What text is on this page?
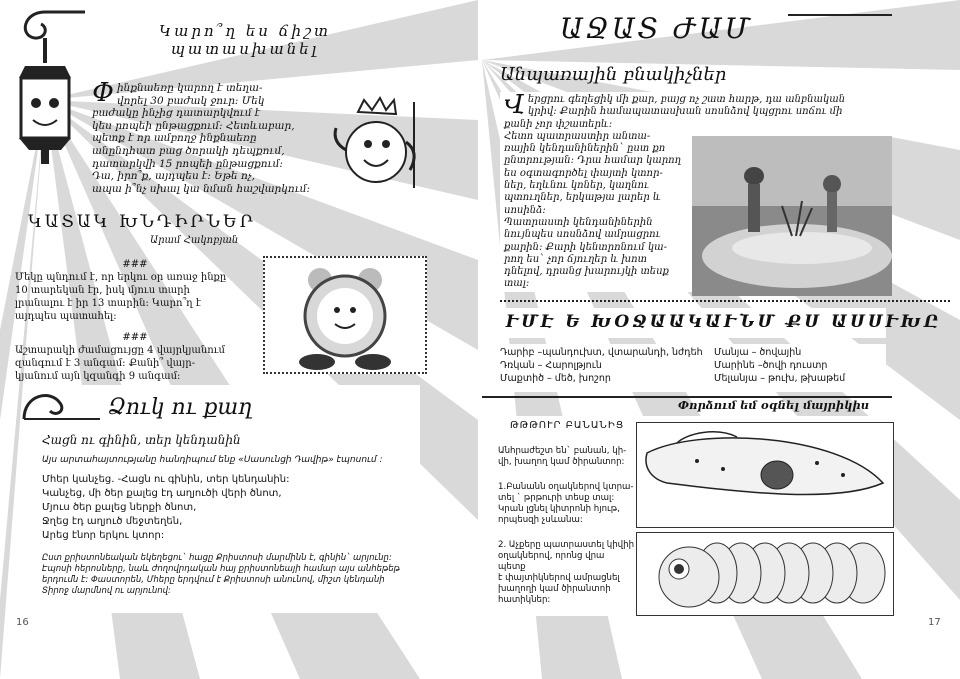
Կարո՞ղ ես ճիշտ
պատասխանել
Փ ինքնաեռը կարող է տեղա-
վորել 30 բաժակ ջուր: Մեկ
բաժակը ինչից դատարկվում է
կես րոպեի ընթացքում: Հետևաբար,
պետք է որ ամբողջ ինքնաեռը
անընդհատ բաց ծորակի դեպքում,
դատարկվի 15 րոպեի ընթացքում:
Դա, իրո՞ք, այդպես է: Եթե ոչ,
ապա ի՞նչ սխալ կա նման հաշվարկում:
ԿԱՏԱԿ ԽՆԴԻՐՆԵՐ
Արամ Հակոբյան
###
Մեկը պնդում է, որ երկու օր առաջ ինքը
10 տարեկան էր, իսկ մյուս տարի
լրանալու է իր 13 տարին: Կարո՞ղ է
այդպես պատահել:
###
Աշտարակի ժամացույցը 4 վայրկյանում
զանգում է 3 անգամ: Քանի՞ վայր-
կյանում այն կզանգի 9 անգամ:
Ձուկ ու քաղ
Հացն ու գինին, տեր կենդանին
Այս արտահայտությանը հանդիպում ենք «Սասունցի Դավիթ» էպոսում :
Մհեր կանչեց. -Հացն ու գինին, տեր կենդանին:
Կանչեց, մի ծեր քալեց էդ աղյուծի վերի ծնոտ,
Մյուս ծեր քալեց ներքի ծնոտ,
Ջղեց էդ աղյուծ մեջտեղեն,
Արեց էնոր երկու կտոր:
Ըստ քրիստոնեական եկեղեցու` հացը Քրիստոսի մարմինն է, գինին` արյունը: Էպոսի հերոսները, նաև ժողովրդական հայ քրիստոնեայի համար այս անհեթեթ երդումն է: Փաստորեն, Մհերը երդվում է Քրիստոսի անունով, միշտ կենդանի Տիրոջ մարմնով ու արյունով:
16
ԱՋԱՏ ԺԱՄ
Անպառային բնակիչներ
Վ երցրու գեղեցիկ մի քար, բայց ոչ շատ հարթ, դա անբնական
կրիվ: Քարին համապատասխան սոսնձով կպցրու սոճու մի
քանի չոր փշատերև:
Հետո պատրաստիր անտա-
ռային կենդանիներին` ըստ քո
ընտրության: Դրա համար կարող
ես օգտագործել փայտի կտոր-
ներ, եղևնու կոներ, կաղնու
պտուղներ, երկաթյա լարեր և
սոսինձ:
Պատրաստի կենդանիներին
նույնպես սոսնձով ամրացրու
քարին: Քարի կենտրոնում կա-
րող ես` չոր ճյուղեր և խոտ
դնելով, դրանց խարույկի տեսք
տալ:
ՒՄԷ Ե ԽՕՋԱԱԿԱՒՆՄ ՔՍ ԱՍՍՒԽԸ
Դարիբ –պանդուխտ, վտարանդի, նժդեհ
Դռկան – Հարոլթյուն
Մաքտիծ – մեծ, խոշոր
Մանյա – ծովային
Մարինե –ծովի դուստր
Մելանյա – թուխ, թխաթեմ
Փորձում եմ օգնել մայրիկիս
ԹԹԹՈՒՐ ԲԱՆԱՆԻՑ
Անհրաժեշտ են` բանան, կի-
վի, խաղող կամ ծիրանտոր:
1.Բանանն օղակներով կտրա-
տել ` թրթուրի տեսք տալ:
Կրան լցնել կիտրոնի հյութ,
որպեսզի չսևանա:
2. Աչքերը պատրաստել կիվիի
օղակներով, որոնց վրա պետք
է փայտիկներով ամրացնել
խաղողի կամ ծիրանտոի
հատիկներ:
17
